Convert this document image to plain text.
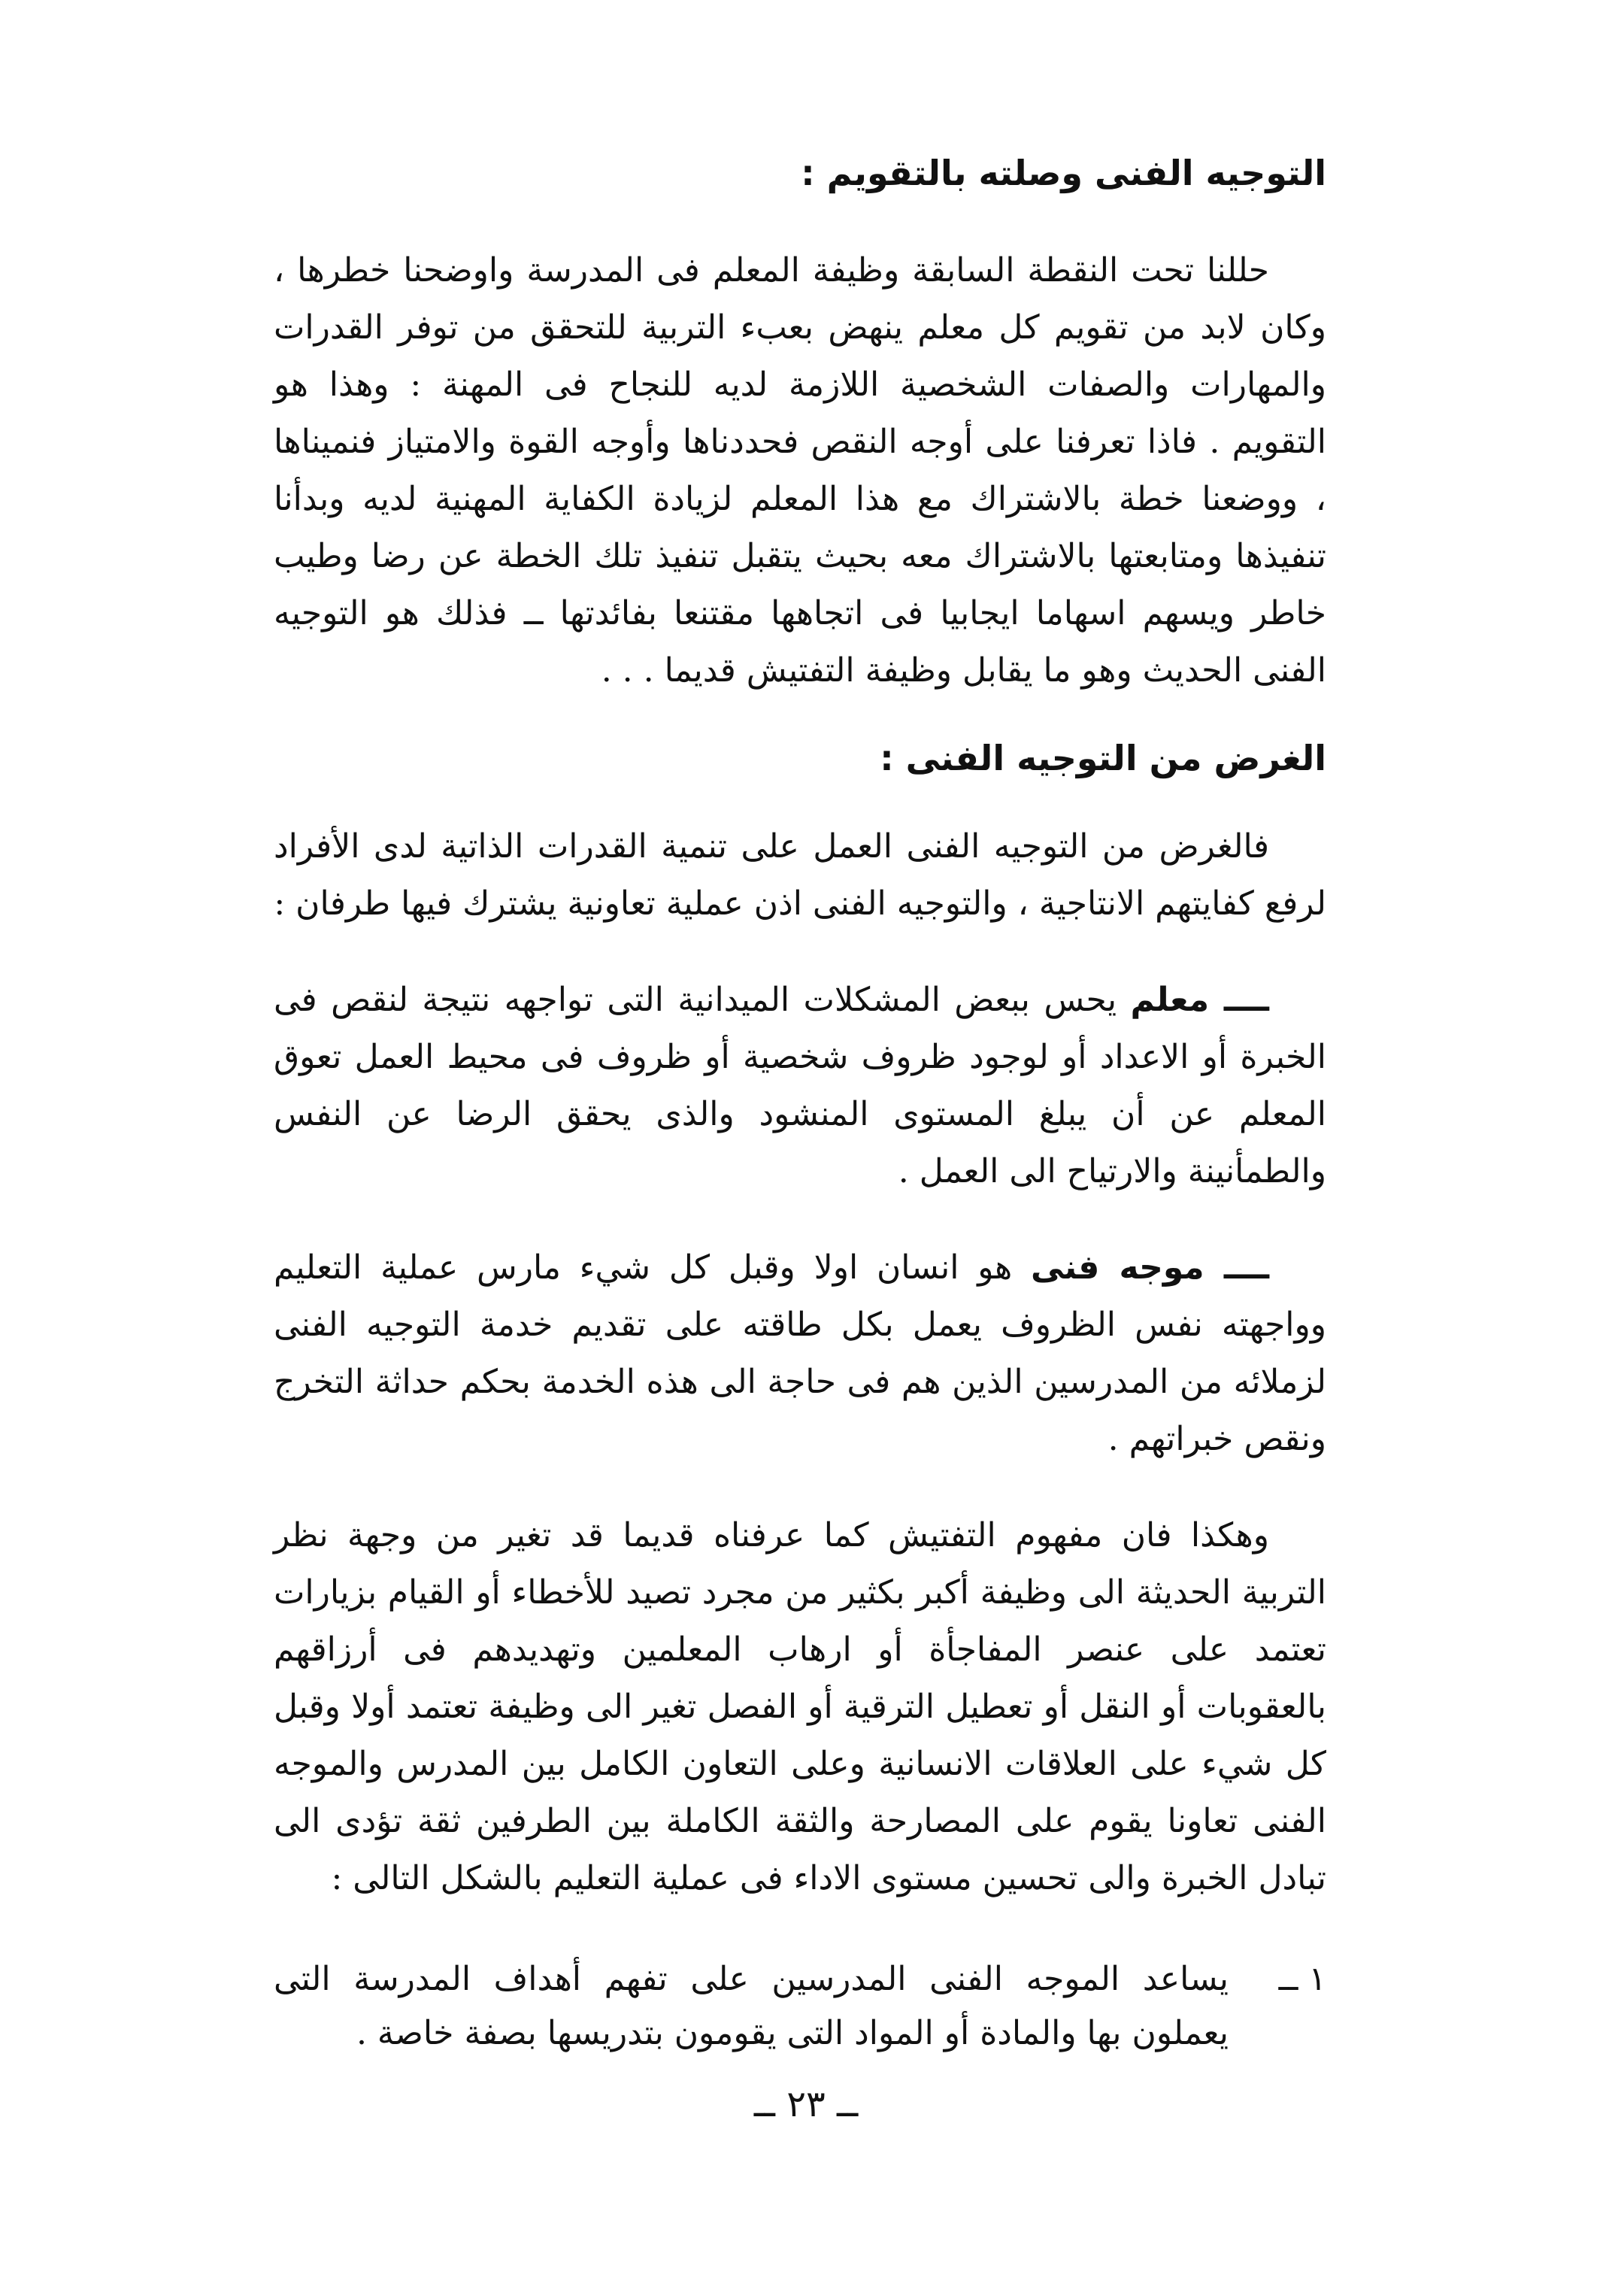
التوجيه الفنى وصلته بالتقويم :

حللنا تحت النقطة السابقة وظيفة المعلم فى المدرسة واوضحنا خطرها ، وكان لابد من تقويم كل معلم ينهض بعبء التربية للتحقق من توفر القدرات والمهارات والصفات الشخصية اللازمة لديه للنجاح فى المهنة : وهذا هو التقويم . فاذا تعرفنا على أوجه النقص فحددناها وأوجه القوة والامتياز فنميناها ، ووضعنا خطة بالاشتراك مع هذا المعلم لزيادة الكفاية المهنية لديه وبدأنا تنفيذها ومتابعتها بالاشتراك معه بحيث يتقبل تنفيذ تلك الخطة عن رضا وطيب خاطر ويسهم اسهاما ايجابيا فى اتجاهها مقتنعا بفائدتها ــ فذلك هو التوجيه الفنى الحديث وهو ما يقابل وظيفة التفتيش قديما . . .

الغرض من التوجيه الفنى :

فالغرض من التوجيه الفنى العمل على تنمية القدرات الذاتية لدى الأفراد لرفع كفايتهم الانتاجية ، والتوجيه الفنى اذن عملية تعاونية يشترك فيها طرفان :

ــــ معلم يحس ببعض المشكلات الميدانية التى تواجهه نتيجة لنقص فى الخبرة أو الاعداد أو لوجود ظروف شخصية أو ظروف فى محيط العمل تعوق المعلم عن أن يبلغ المستوى المنشود والذى يحقق الرضا عن النفس والطمأنينة والارتياح الى العمل .

ــــ موجه فنى هو انسان اولا وقبل كل شيء مارس عملية التعليم وواجهته نفس الظروف يعمل بكل طاقته على تقديم خدمة التوجيه الفنى لزملائه من المدرسين الذين هم فى حاجة الى هذه الخدمة بحكم حداثة التخرج ونقص خبراتهم .

وهكذا فان مفهوم التفتيش كما عرفناه قديما قد تغير من وجهة نظر التربية الحديثة الى وظيفة أكبر بكثير من مجرد تصيد للأخطاء أو القيام بزيارات تعتمد على عنصر المفاجأة أو ارهاب المعلمين وتهديدهم فى أرزاقهم بالعقوبات أو النقل أو تعطيل الترقية أو الفصل تغير الى وظيفة تعتمد أولا وقبل كل شيء على العلاقات الانسانية وعلى التعاون الكامل بين المدرس والموجه الفنى تعاونا يقوم على المصارحة والثقة الكاملة بين الطرفين ثقة تؤدى الى تبادل الخبرة والى تحسين مستوى الاداء فى عملية التعليم بالشكل التالى :

١ ــ
يساعد الموجه الفنى المدرسين على تفهم أهداف المدرسة التى يعملون بها والمادة أو المواد التى يقومون بتدريسها بصفة خاصة .
ــ ٢٣ ــ
